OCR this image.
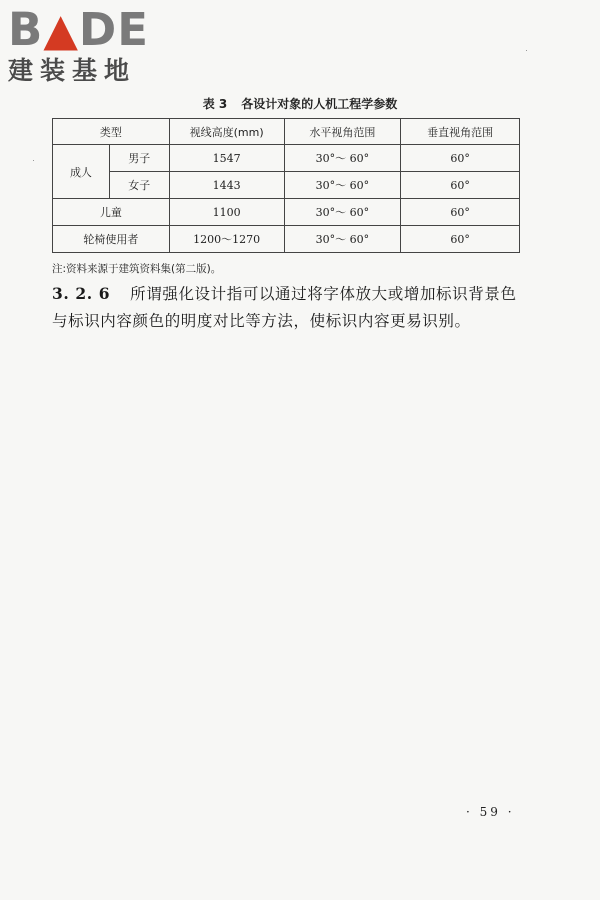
B▲DE
建装基地
表 3 各设计对象的人机工程学参数
类型		视线高度(mm)	水平视角范围	垂直视角范围
成人	男子	1547	30°～ 60°	60°
	女子	1443	30°～ 60°	60°
儿童		1100	30°～ 60°	60°
轮椅使用者		1200～1270	30°～ 60°	60°
注:资料来源于建筑资料集(第二版)。
3. 2. 6 所谓强化设计指可以通过将字体放大或增加标识背景色与标识内容颜色的明度对比等方法，使标识内容更易识别。
· 59 ·
